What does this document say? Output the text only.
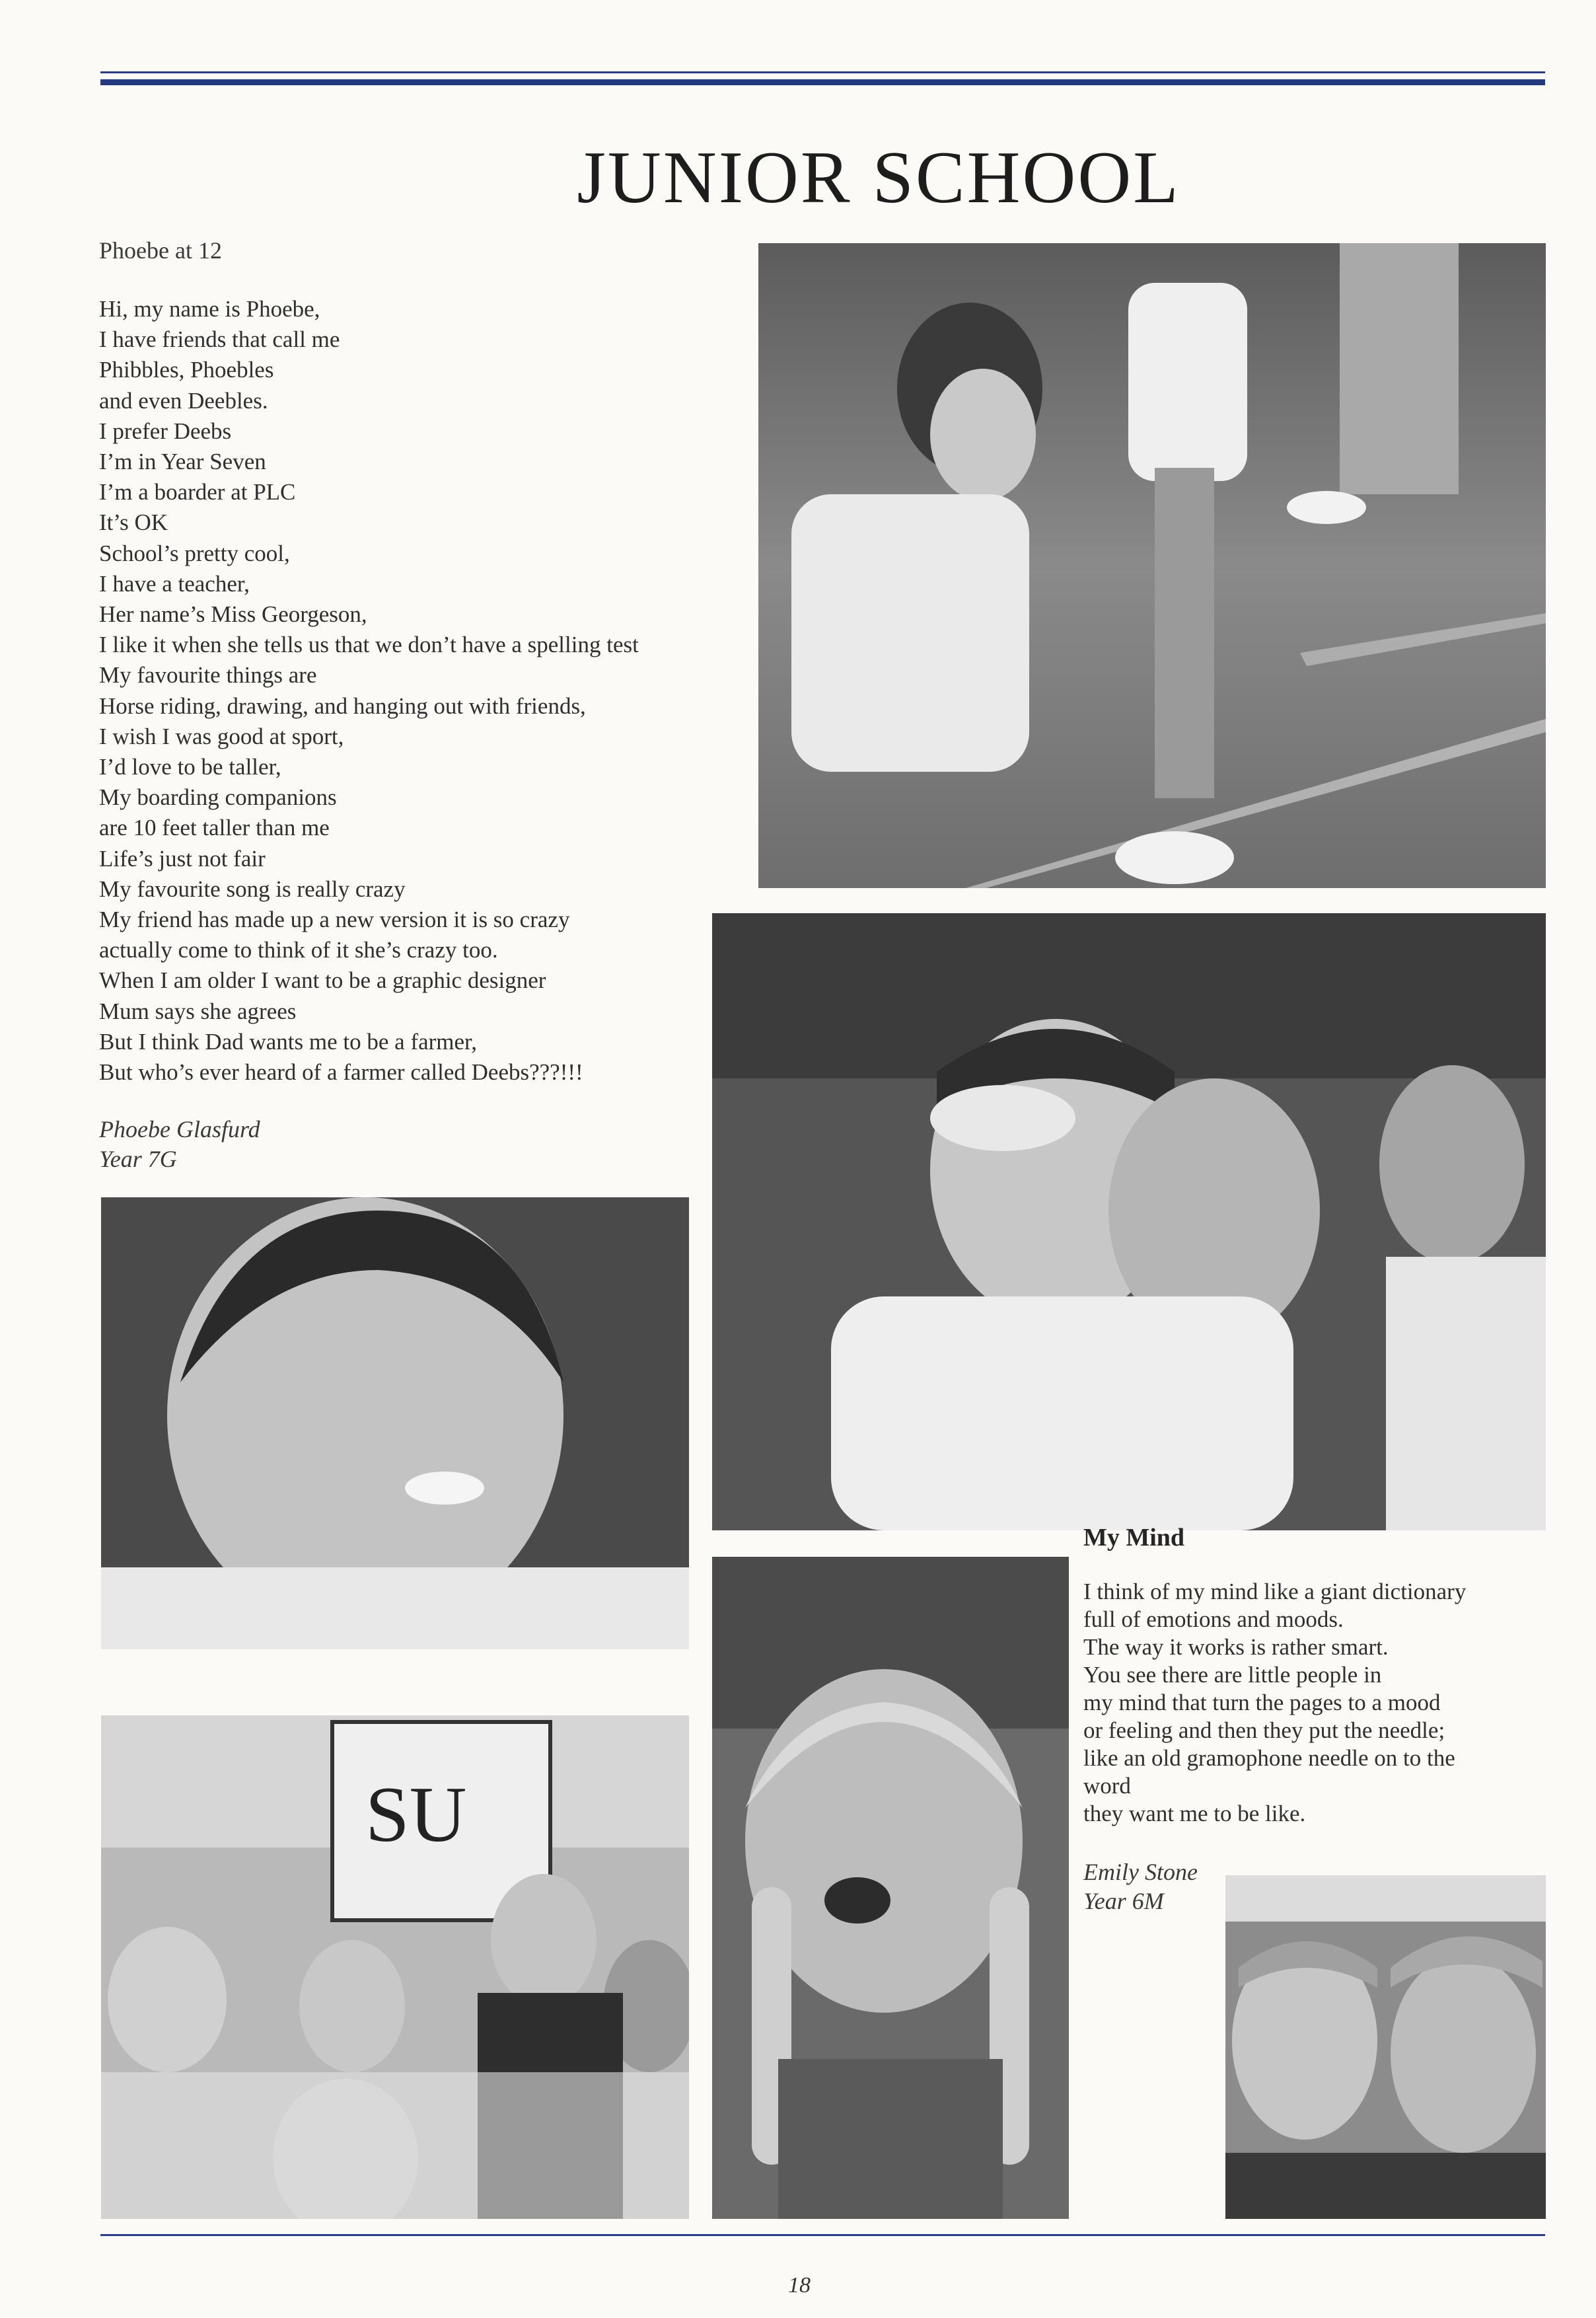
JUNIOR SCHOOL
Phoebe at 12
Hi, my name is Phoebe,
I have friends that call me
Phibbles, Phoebles
and even Deebles.
I prefer Deebs
I’m in Year Seven
I’m a boarder at PLC
It’s OK
School’s pretty cool,
I have a teacher,
Her name’s Miss Georgeson,
I like it when she tells us that we don’t have a spelling test
My favourite things are
Horse riding, drawing, and hanging out with friends,
I wish I was good at sport,
I’d love to be taller,
My boarding companions
are 10 feet taller than me
Life’s just not fair
My favourite song is really crazy
My friend has made up a new version it is so crazy
actually come to think of it she’s crazy too.
When I am older I want to be a graphic designer
Mum says she agrees
But I think Dad wants me to be a farmer,
But who’s ever heard of a farmer called Deebs???!!!
Phoebe Glasfurd
Year 7G
SU
My Mind
I think of my mind like a giant dictionary
full of emotions and moods.
The way it works is rather smart.
You see there are little people in
my mind that turn the pages to a mood
or feeling and then they put the needle;
like an old gramophone needle on to the
word
they want me to be like.
Emily Stone
Year 6M
18
